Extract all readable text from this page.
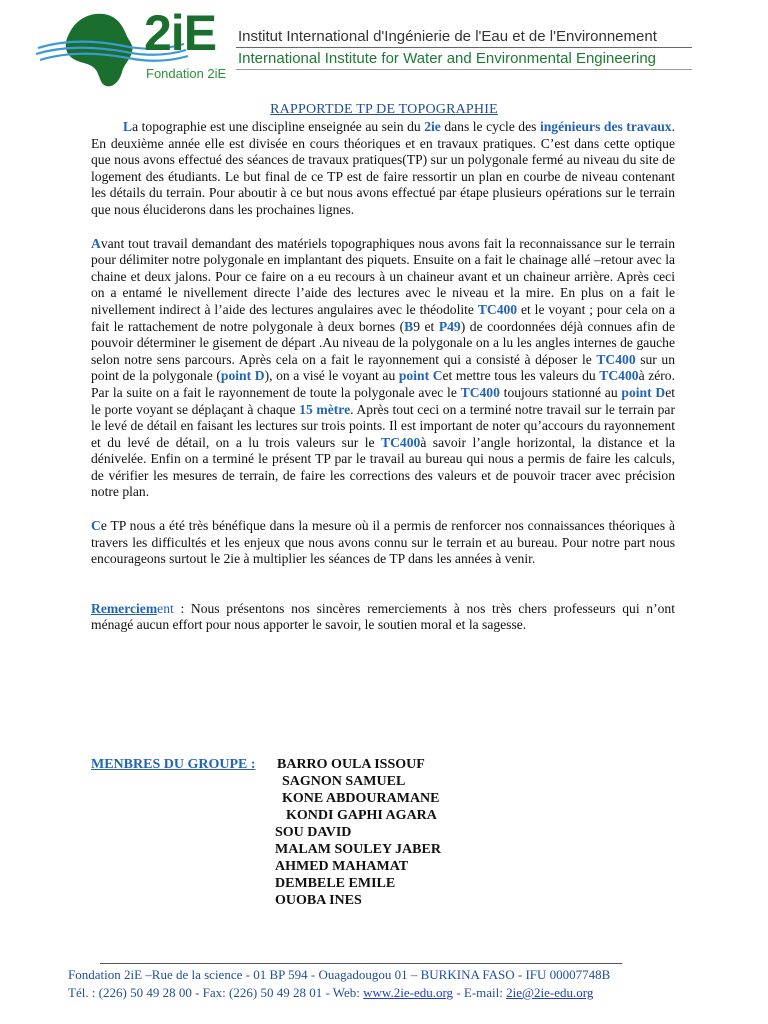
2iE
Fondation 2iE
Institut International d'Ingénierie de l'Eau et de l'Environnement
International Institute for Water and Environmental Engineering
RAPPORTDE TP DE TOPOGRAPHIE

La topographie est une discipline enseignée au sein du 2ie dans le cycle des ingénieurs des travaux. En deuxième année elle est divisée en cours théoriques et en travaux pratiques. C’est dans cette optique que nous avons effectué des séances de travaux pratiques(TP) sur un polygonale fermé au niveau du site de logement des étudiants. Le but final de ce TP est de faire ressortir un plan en courbe de niveau contenant les détails du terrain. Pour aboutir à ce but nous avons effectué par étape plusieurs opérations sur le terrain que nous éluciderons dans les prochaines lignes.

Avant tout travail demandant des matériels topographiques nous avons fait la reconnaissance sur le terrain pour délimiter notre polygonale en implantant des piquets. Ensuite on a fait le chainage allé –retour avec la chaine et deux jalons. Pour ce faire on a eu recours à un chaineur avant et un chaineur arrière. Après ceci on a entamé le nivellement directe l’aide des lectures avec le niveau et la mire. En plus on a fait le nivellement indirect à l’aide des lectures angulaires avec le théodolite TC400 et le voyant ; pour cela on a fait le rattachement de notre polygonale à deux bornes (B9 et P49) de coordonnées déjà connues afin de pouvoir déterminer le gisement de départ .Au niveau de la polygonale on a lu les angles internes de gauche selon notre sens parcours. Après cela on a fait le rayonnement qui a consisté à déposer le TC400 sur un point de la polygonale (point D), on a visé le voyant au point Cet mettre tous les valeurs du TC400à zéro. Par la suite on a fait le rayonnement de toute la polygonale avec le TC400 toujours stationné au point Det le porte voyant se déplaçant à chaque 15 mètre. Après tout ceci on a terminé notre travail sur le terrain par le levé de détail en faisant les lectures sur trois points. Il est important de noter qu’accours du rayonnement et du levé de détail, on a lu trois valeurs sur le TC400à savoir l’angle horizontal, la distance et la dénivelée. Enfin on a terminé le présent TP par le travail au bureau qui nous a permis de faire les calculs, de vérifier les mesures de terrain, de faire les corrections des valeurs et de pouvoir tracer avec précision notre plan.

Ce TP nous a été très bénéfique dans la mesure où il a permis de renforcer nos connaissances théoriques à travers les difficultés et les enjeux que nous avons connu sur le terrain et au bureau. Pour notre part nous encourageons surtout le 2ie à multiplier les séances de TP dans les années à venir.

Remerciement : Nous présentons nos sincères remerciements à nos très chers professeurs qui n’ont ménagé aucun effort pour nous apporter le savoir, le soutien moral et la sagesse.

MENBRES DU GROUPE : BARRO OULA ISSOUF
SAGNON SAMUEL
KONE ABDOURAMANE
KONDI GAPHI AGARA
SOU DAVID
MALAM SOULEY JABER
AHMED MAHAMAT
DEMBELE EMILE
OUOBA INES
Fondation 2iE –Rue de la science - 01 BP 594 - Ouagadougou 01 – BURKINA FASO - IFU 00007748B
Tél. : (226) 50 49 28 00 - Fax: (226) 50 49 28 01 - Web: www.2ie-edu.org - E-mail: 2ie@2ie-edu.org
